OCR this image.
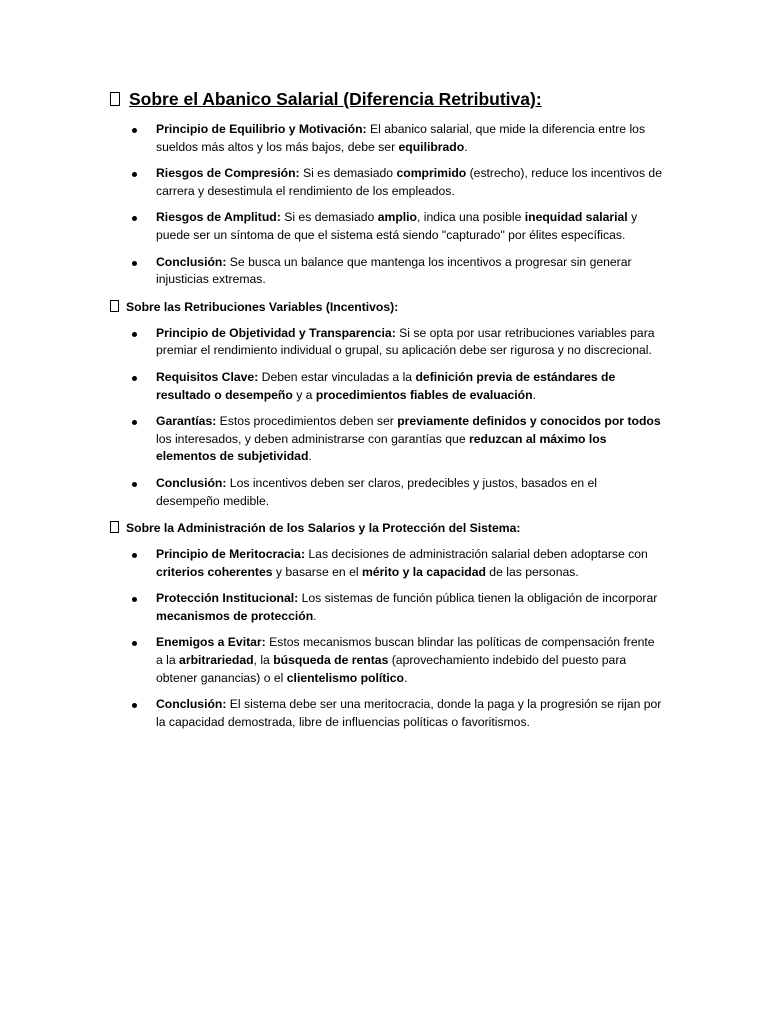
Sobre el Abanico Salarial (Diferencia Retributiva):
Principio de Equilibrio y Motivación: El abanico salarial, que mide la diferencia entre los sueldos más altos y los más bajos, debe ser equilibrado.
Riesgos de Compresión: Si es demasiado comprimido (estrecho), reduce los incentivos de carrera y desestimula el rendimiento de los empleados.
Riesgos de Amplitud: Si es demasiado amplio, indica una posible inequidad salarial y puede ser un síntoma de que el sistema está siendo "capturado" por élites específicas.
Conclusión: Se busca un balance que mantenga los incentivos a progresar sin generar injusticias extremas.
Sobre las Retribuciones Variables (Incentivos):
Principio de Objetividad y Transparencia: Si se opta por usar retribuciones variables para premiar el rendimiento individual o grupal, su aplicación debe ser rigurosa y no discrecional.
Requisitos Clave: Deben estar vinculadas a la definición previa de estándares de resultado o desempeño y a procedimientos fiables de evaluación.
Garantías: Estos procedimientos deben ser previamente definidos y conocidos por todos los interesados, y deben administrarse con garantías que reduzcan al máximo los elementos de subjetividad.
Conclusión: Los incentivos deben ser claros, predecibles y justos, basados en el desempeño medible.
Sobre la Administración de los Salarios y la Protección del Sistema:
Principio de Meritocracia: Las decisiones de administración salarial deben adoptarse con criterios coherentes y basarse en el mérito y la capacidad de las personas.
Protección Institucional: Los sistemas de función pública tienen la obligación de incorporar mecanismos de protección.
Enemigos a Evitar: Estos mecanismos buscan blindar las políticas de compensación frente a la arbitrariedad, la búsqueda de rentas (aprovechamiento indebido del puesto para obtener ganancias) o el clientelismo político.
Conclusión: El sistema debe ser una meritocracia, donde la paga y la progresión se rijan por la capacidad demostrada, libre de influencias políticas o favoritismos.
